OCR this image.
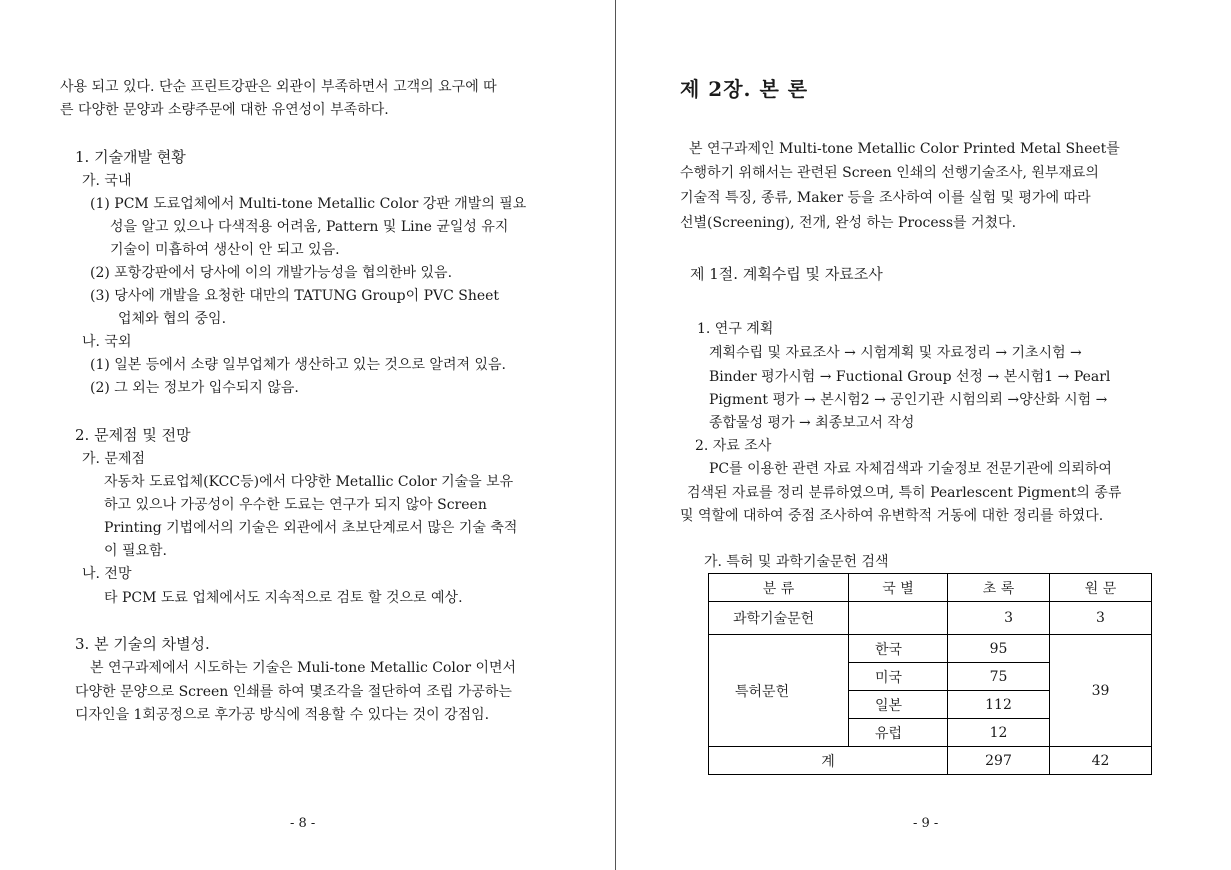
사용 되고 있다. 단순 프린트강판은 외관이 부족하면서 고객의 요구에 따
른 다양한 문양과 소량주문에 대한 유연성이 부족하다.
1. 기술개발 현황
가. 국내
(1) PCM 도료업체에서 Multi-tone Metallic Color 강판 개발의 필요
성을 알고 있으나 다색적용 어려움, Pattern 및 Line 균일성 유지
기술이 미흡하여 생산이 안 되고 있음.
(2) 포항강판에서 당사에 이의 개발가능성을 협의한바 있음.
(3) 당사에 개발을 요청한 대만의 TATUNG Group이 PVC Sheet
업체와 협의 중임.
나. 국외
(1) 일본 등에서 소량 일부업체가 생산하고 있는 것으로 알려져 있음.
(2) 그 외는 정보가 입수되지 않음.
2. 문제점 및 전망
가. 문제점
자동차 도료업체(KCC등)에서 다양한 Metallic Color 기술을 보유
하고 있으나 가공성이 우수한 도료는 연구가 되지 않아 Screen
Printing 기법에서의 기술은 외관에서 초보단계로서 많은 기술 축적
이 필요함.
나. 전망
타 PCM 도료 업체에서도 지속적으로 검토 할 것으로 예상.
3. 본 기술의 차별성.
본 연구과제에서 시도하는 기술은 Muli-tone Metallic Color 이면서
다양한 문양으로 Screen 인쇄를 하여 몇조각을 절단하여 조립 가공하는
디자인을 1회공정으로 후가공 방식에 적용할 수 있다는 것이 강점임.
- 8 -
제 2장. 본 론
본 연구과제인 Multi-tone Metallic Color Printed Metal Sheet를
수행하기 위해서는 관련된 Screen 인쇄의 선행기술조사, 원부재료의
기술적 특징, 종류, Maker 등을 조사하여 이를 실험 및 평가에 따라
선별(Screening), 전개, 완성 하는 Process를 거쳤다.
제 1절. 계획수립 및 자료조사
1. 연구 계획
계획수립 및 자료조사 → 시험계획 및 자료정리 → 기초시험 →
Binder 평가시험 → Fuctional Group 선정 → 본시험1 → Pearl
Pigment 평가 → 본시험2 → 공인기관 시험의뢰 →양산화 시험 →
종합물성 평가 → 최종보고서 작성
2. 자료 조사
PC를 이용한 관련 자료 자체검색과 기술정보 전문기관에 의뢰하여
검색된 자료를 정리 분류하였으며, 특히 Pearlescent Pigment의 종류
및 역할에 대하여 중점 조사하여 유변학적 거동에 대한 정리를 하였다.
가. 특허 및 과학기술문헌 검색
분 류	국 별	초 록	원 문
과학기술문헌		3	3
특허문헌	한국	95	39
	미국	75	
	일본	112	
	유럽	12	
계		297	42
- 9 -
